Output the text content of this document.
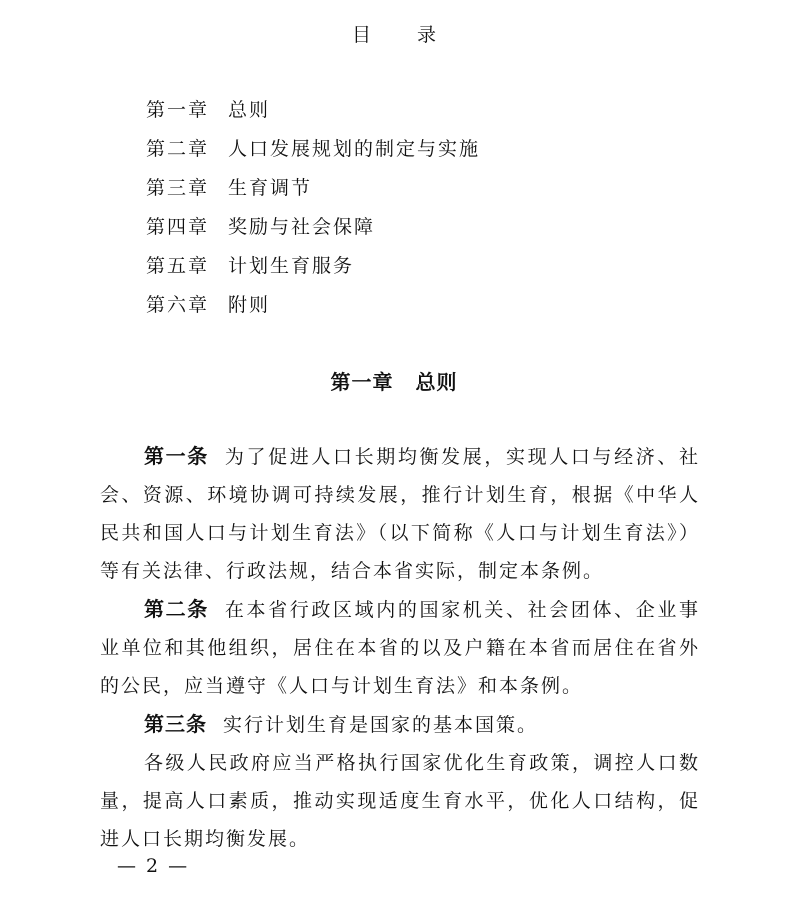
目录
第一章 总则
第二章 人口发展规划的制定与实施
第三章 生育调节
第四章 奖励与社会保障
第五章 计划生育服务
第六章 附则
第一章 总则

第一条 为了促进人口长期均衡发展，实现人口与经济、社会、资源、环境协调可持续发展，推行计划生育，根据《中华人民共和国人口与计划生育法》（以下简称《人口与计划生育法》）等有关法律、行政法规，结合本省实际，制定本条例。

第二条 在本省行政区域内的国家机关、社会团体、企业事业单位和其他组织，居住在本省的以及户籍在本省而居住在省外的公民，应当遵守《人口与计划生育法》和本条例。

第三条 实行计划生育是国家的基本国策。

各级人民政府应当严格执行国家优化生育政策，调控人口数量，提高人口素质，推动实现适度生育水平，优化人口结构，促进人口长期均衡发展。

— 2 —
